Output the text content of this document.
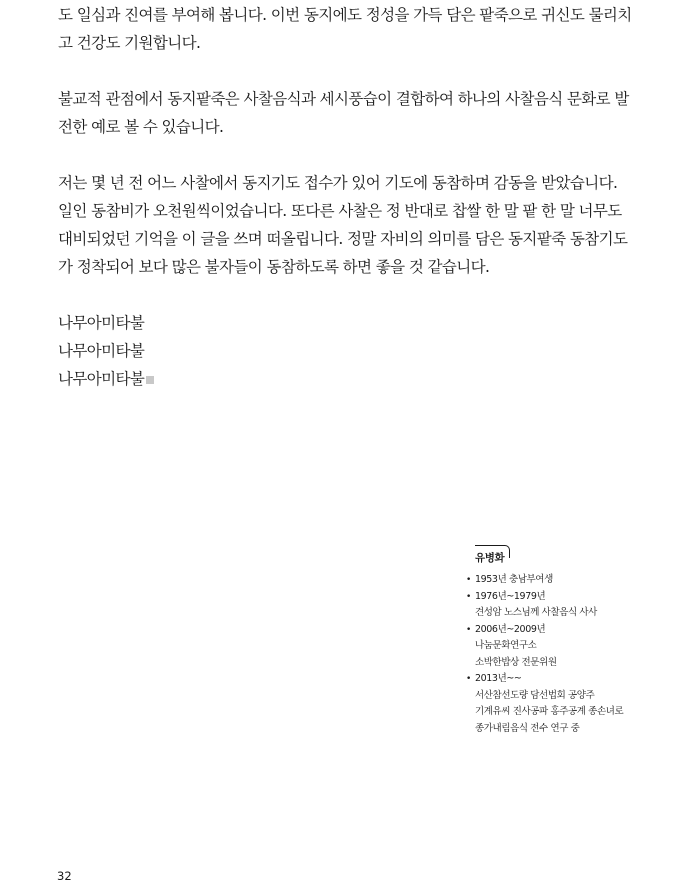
도 일심과 진여를 부여해 봅니다. 이번 동지에도 정성을 가득 담은 팥죽으로 귀신도 물리치
고 건강도 기원합니다.
불교적 관점에서 동지팥죽은 사찰음식과 세시풍습이 결합하여 하나의 사찰음식 문화로 발
전한 예로 볼 수 있습니다.
저는 몇 년 전 어느 사찰에서 동지기도 접수가 있어 기도에 동참하며 감동을 받았습니다.
일인 동참비가 오천원씩이었습니다. 또다른 사찰은 정 반대로 찹쌀 한 말 팥 한 말 너무도
대비되었던 기억을 이 글을 쓰며 떠올립니다. 정말 자비의 의미를 담은 동지팥죽 동참기도
가 정착되어 보다 많은 불자들이 동참하도록 하면 좋을 것 같습니다.
나무아미타불
나무아미타불
나무아미타불
유병화
• 1953년 충남부여생
• 1976년~1979년
견성암 노스님께 사찰음식 사사
• 2006년~2009년
나눔문화연구소
소박한밥상 전문위원
• 2013년~~
서산참선도량 담선법회 공양주
기계유씨 진사공파 홍주공계 종손녀로
종가내림음식 전수 연구 중
32
